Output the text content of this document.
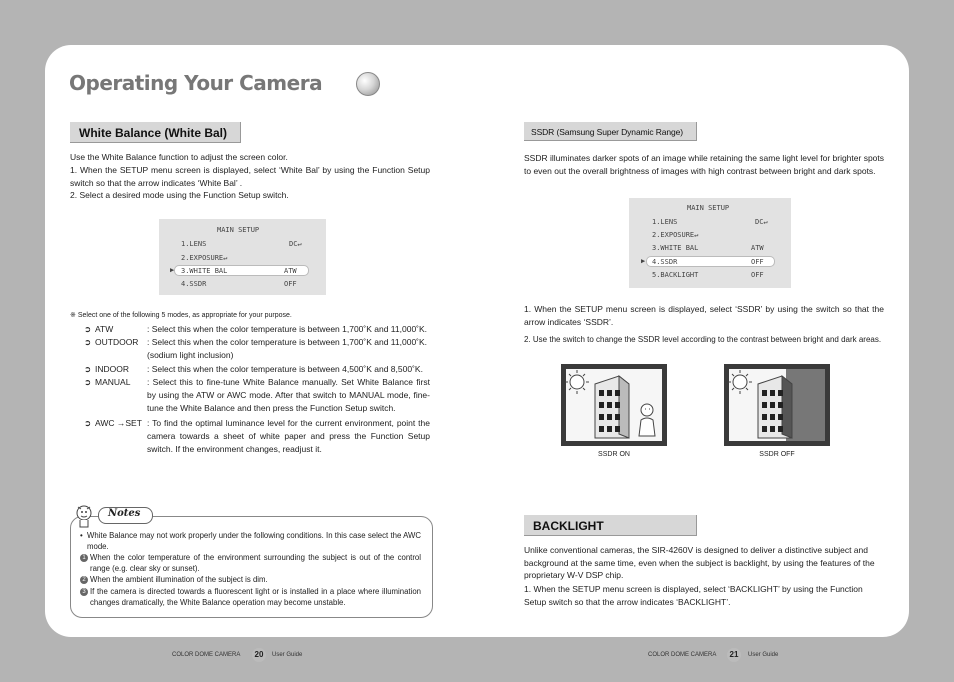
Operating Your Camera
White Balance (White Bal)
Use the White Balance function to adjust the screen color.
1. When the SETUP menu screen is displayed, select ‘White Bal’ by using the Function Setup switch so that the arrow indicates ‘White Bal’ .
2. Select a desired mode using the Function Setup switch.
MAIN SETUP
1.LENS	DC↵
2.EXPOSURE↵
▶ 3.WHITE BAL	ATW
4.SSDR	OFF
※ Select one of the following 5 modes, as appropriate for your purpose.
➲ ATW	: Select this when the color temperature is between 1,700˚K and 11,000˚K.
➲ OUTDOOR : Select this when the color temperature is between 1,700˚K and 11,000˚K. (sodium light inclusion)
➲ INDOOR : Select this when the color temperature is between 4,500˚K and 8,500˚K.
➲ MANUAL : Select this to fine-tune White Balance manually. Set White Balance first by using the ATW or AWC mode. After that switch to MANUAL mode, fine-tune the White Balance and then press the Function Setup switch.
➲ AWC →SET : To find the optimal luminance level for the current environment, point the camera towards a sheet of white paper and press the Function Setup switch. If the environment changes, readjust it.
Notes
• White Balance may not work properly under the following conditions. In this case select the AWC mode.
1 When the color temperature of the environment surrounding the subject is out of the control range (e.g. clear sky or sunset).
2 When the ambient illumination of the subject is dim.
3 If the camera is directed towards a fluorescent light or is installed in a place where illumination changes dramatically, the White Balance operation may become unstable.
COLOR DOME CAMERA	20	User Guide
SSDR (Samsung Super Dynamic Range)
SSDR illuminates darker spots of an image while retaining the same light level for brighter spots to even out the overall brightness of images with high contrast between bright and dark spots.
MAIN SETUP
1.LENS	DC↵
2.EXPOSURE↵
3.WHITE BAL	ATW
▶ 4.SSDR	OFF
5.BACKLIGHT	OFF
1. When the SETUP menu screen is displayed, select ‘SSDR’ by using the switch so that the arrow indicates ‘SSDR’.
2. Use the switch to change the SSDR level according to the contrast between bright and dark areas.
SSDR ON	SSDR OFF
BACKLIGHT
Unlike conventional cameras, the SIR-4260V is designed to deliver a distinctive subject and background at the same time, even when the subject is backlight, by using the features of the proprietary W-V DSP chip.
1. When the SETUP menu screen is displayed, select ‘BACKLIGHT’ by using the Function Setup switch so that the arrow indicates ‘BACKLIGHT’.
COLOR DOME CAMERA	21	User Guide
